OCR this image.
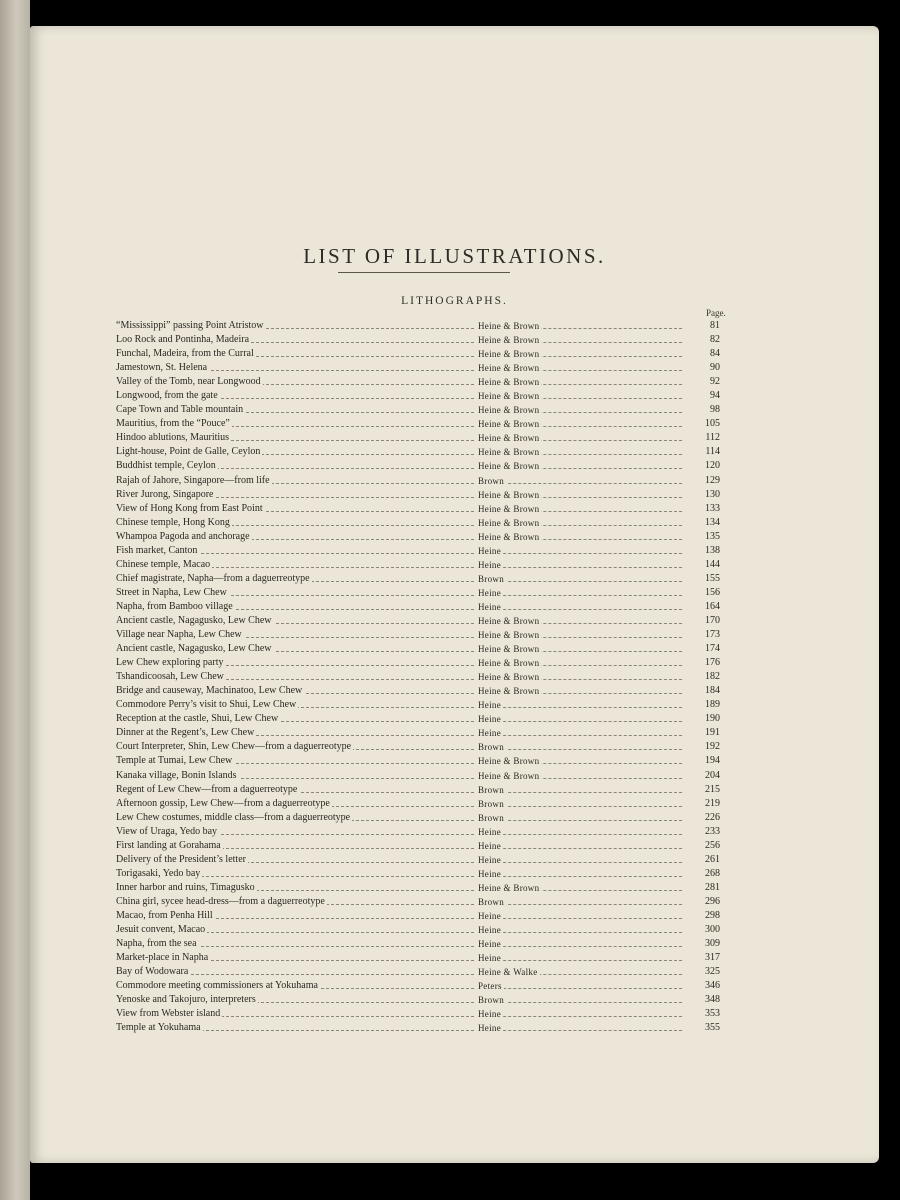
LIST OF ILLUSTRATIONS.
LITHOGRAPHS.
Page.
“Mississippi” passing Point Atristow	Heine & Brown	81
Loo Rock and Pontinha, Madeira	Heine & Brown	82
Funchal, Madeira, from the Curral	Heine & Brown	84
Jamestown, St. Helena	Heine & Brown	90
Valley of the Tomb, near Longwood	Heine & Brown	92
Longwood, from the gate	Heine & Brown	94
Cape Town and Table mountain	Heine & Brown	98
Mauritius, from the “Pouce”	Heine & Brown	105
Hindoo ablutions, Mauritius	Heine & Brown	112
Light-house, Point de Galle, Ceylon	Heine & Brown	114
Buddhist temple, Ceylon	Heine & Brown	120
Rajah of Jahore, Singapore—from life	Brown	129
River Jurong, Singapore	Heine & Brown	130
View of Hong Kong from East Point	Heine & Brown	133
Chinese temple, Hong Kong	Heine & Brown	134
Whampoa Pagoda and anchorage	Heine & Brown	135
Fish market, Canton	Heine	138
Chinese temple, Macao	Heine	144
Chief magistrate, Napha—from a daguerreotype	Brown	155
Street in Napha, Lew Chew	Heine	156
Napha, from Bamboo village	Heine	164
Ancient castle, Nagagusko, Lew Chew	Heine & Brown	170
Village near Napha, Lew Chew	Heine & Brown	173
Ancient castle, Nagagusko, Lew Chew	Heine & Brown	174
Lew Chew exploring party	Heine & Brown	176
Tshandicoosah, Lew Chew	Heine & Brown	182
Bridge and causeway, Machinatoo, Lew Chew	Heine & Brown	184
Commodore Perry’s visit to Shui, Lew Chew	Heine	189
Reception at the castle, Shui, Lew Chew	Heine	190
Dinner at the Regent’s, Lew Chew	Heine	191
Court Interpreter, Shin, Lew Chew—from a daguerreotype	Brown	192
Temple at Tumai, Lew Chew	Heine & Brown	194
Kanaka village, Bonin Islands	Heine & Brown	204
Regent of Lew Chew—from a daguerreotype	Brown	215
Afternoon gossip, Lew Chew—from a daguerreotype	Brown	219
Lew Chew costumes, middle class—from a daguerreotype	Brown	226
View of Uraga, Yedo bay	Heine	233
First landing at Gorahama	Heine	256
Delivery of the President’s letter	Heine	261
Torigasaki, Yedo bay	Heine	268
Inner harbor and ruins, Timagusko	Heine & Brown	281
China girl, sycee head-dress—from a daguerreotype	Brown	296
Macao, from Penha Hill	Heine	298
Jesuit convent, Macao	Heine	300
Napha, from the sea	Heine	309
Market-place in Napha	Heine	317
Bay of Wodowara	Heine & Walke	325
Commodore meeting commissioners at Yokuhama	Peters	346
Yenoske and Takojuro, interpreters	Brown	348
View from Webster island	Heine	353
Temple at Yokuhama	Heine	355
